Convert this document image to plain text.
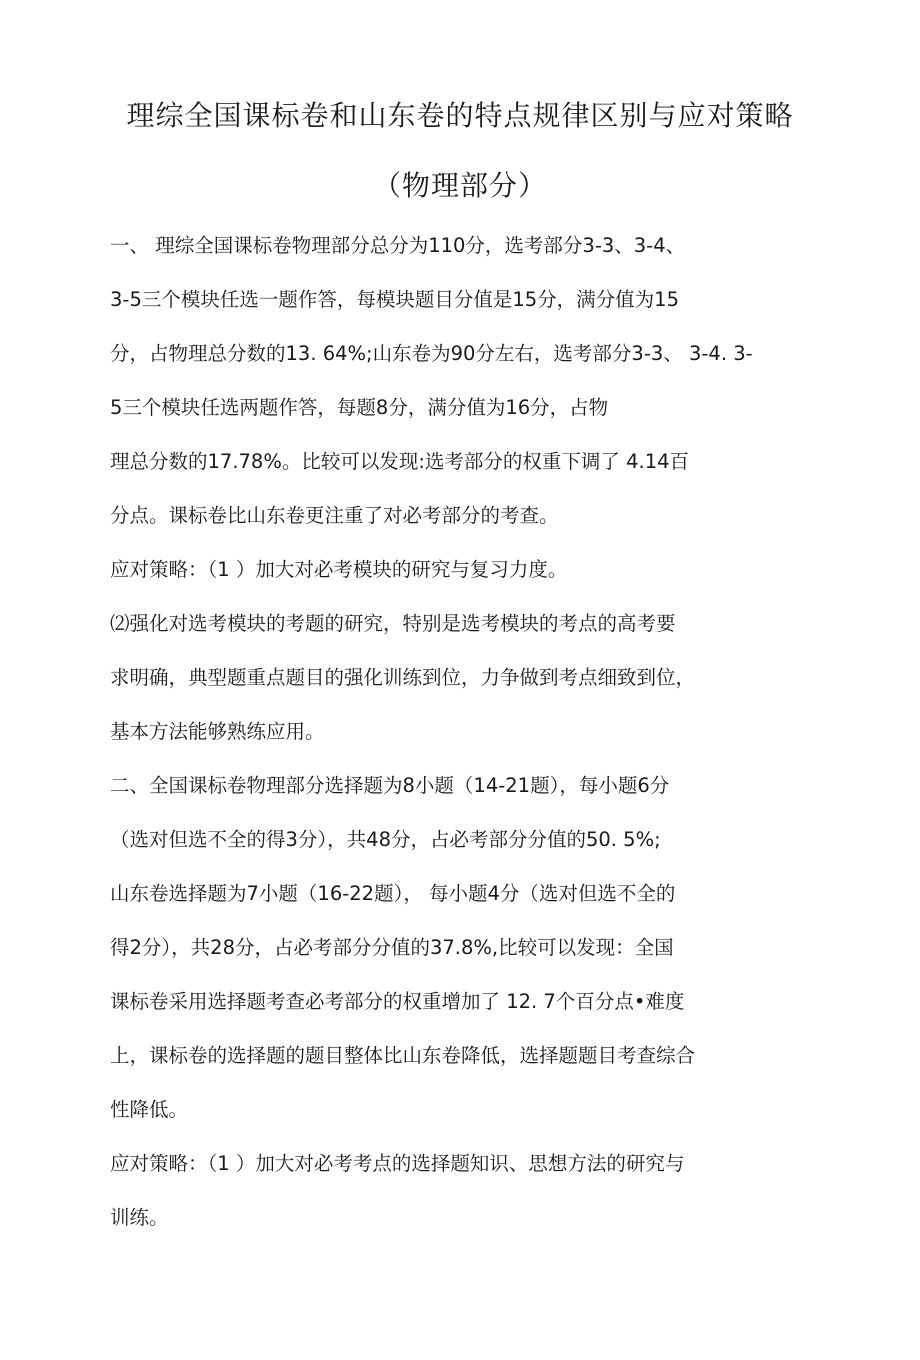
理综全国课标卷和山东卷的特点规律区别与应对策略
（物理部分）

一、 理综全国课标卷物理部分总分为110分，选考部分3-3、3-4、

3-5三个模块任选一题作答，每模块题目分值是15分，满分值为15

分，占物理总分数的13. 64%;山东卷为90分左右，选考部分3-3、 3-4. 3-

5三个模块任选两题作答，每题8分，满分值为16分，占物

理总分数的17.78%。比较可以发现:选考部分的权重下调了 4.14百

分点。课标卷比山东卷更注重了对必考部分的考查。

应对策略：（1 ）加大对必考模块的研究与复习力度。

⑵强化对选考模块的考题的研究，特别是选考模块的考点的高考要

求明确，典型题重点题目的强化训练到位，力争做到考点细致到位，

基本方法能够熟练应用。

二、全国课标卷物理部分选择题为8小题（14-21题），每小题6分

（选对但选不全的得3分），共48分，占必考部分分值的50. 5%;

山东卷选择题为7小题（16-22题）， 每小题4分（选对但选不全的

得2分），共28分，占必考部分分值的37.8%,比较可以发现：全国

课标卷采用选择题考查必考部分的权重增加了 12. 7个百分点•难度

上，课标卷的选择题的题目整体比山东卷降低，选择题题目考查综合

性降低。

应对策略：（1 ）加大对必考考点的选择题知识、思想方法的研究与

训练。
